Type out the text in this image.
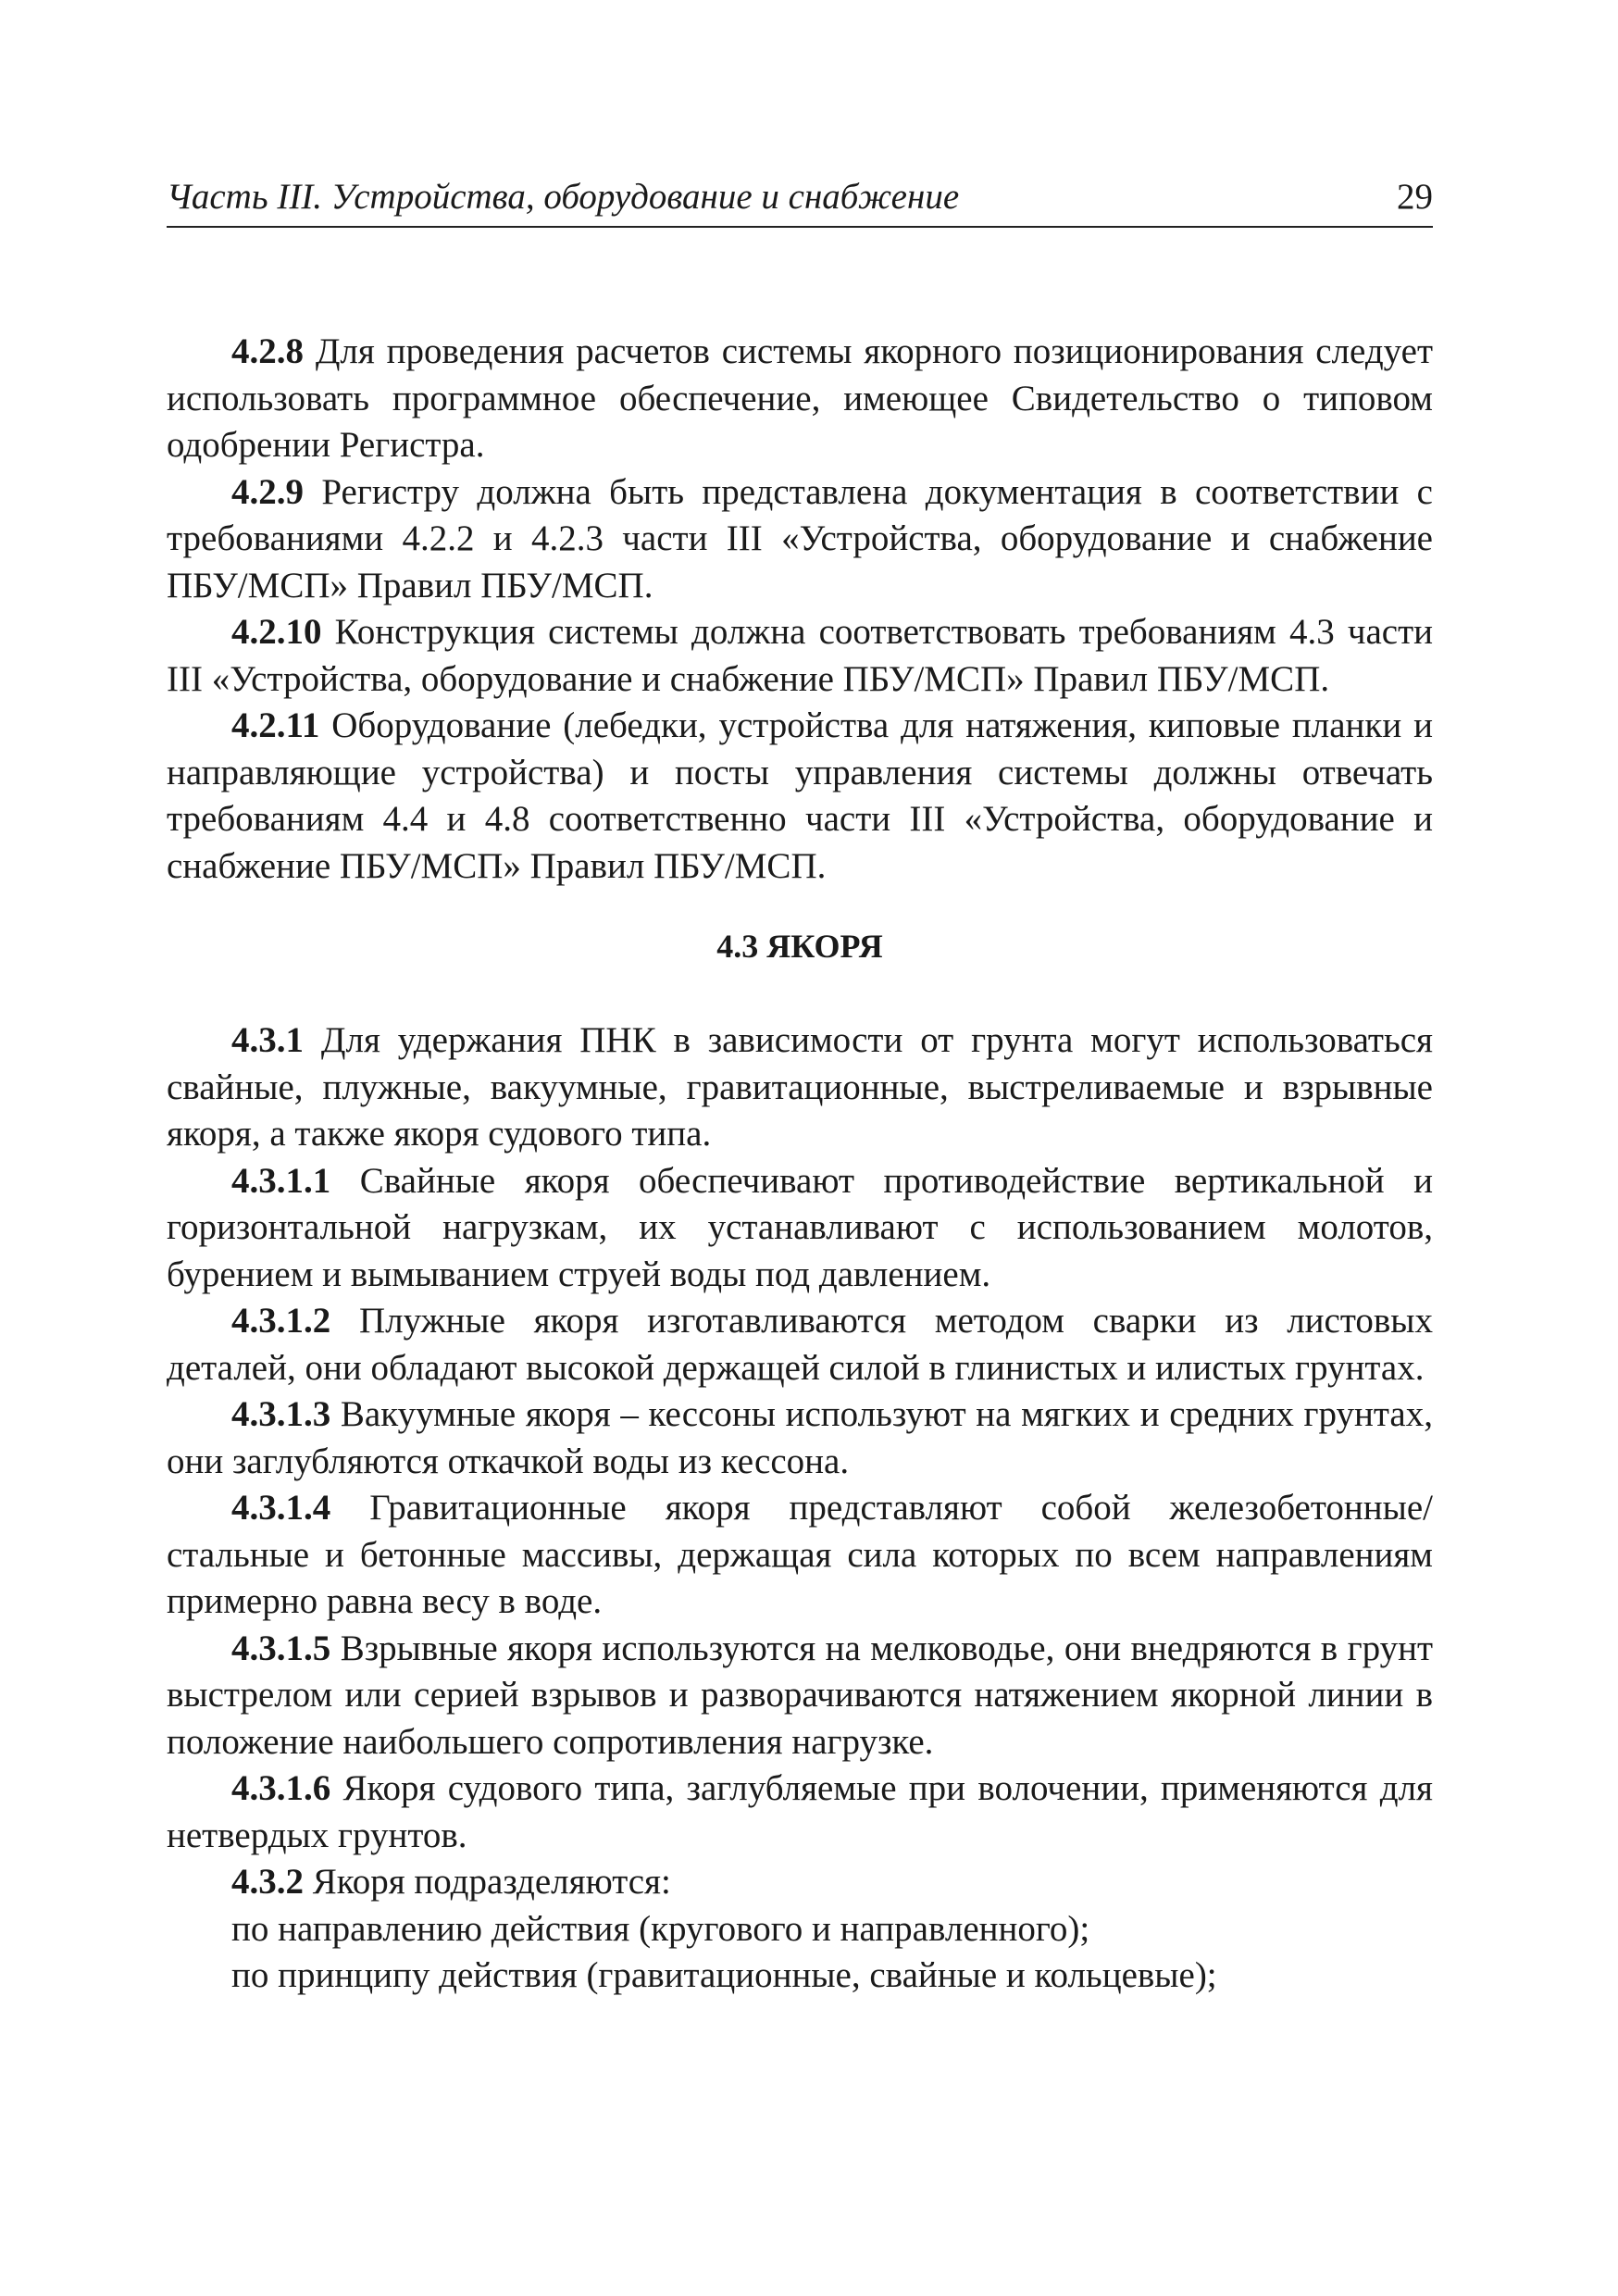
Часть III. Устройства, оборудование и снабжение	29

4.2.8 Для проведения расчетов системы якорного позиционирования следует использовать программное обеспечение, имеющее Свидетельство о типовом одобрении Регистра.

4.2.9 Регистру должна быть представлена документация в соответствии с требованиями 4.2.2 и 4.2.3 части III «Устройства, оборудование и снабжение ПБУ/МСП» Правил ПБУ/МСП.

4.2.10 Конструкция системы должна соответствовать требованиям 4.3 части III «Устройства, оборудование и снабжение ПБУ/МСП» Правил ПБУ/МСП.

4.2.11 Оборудование (лебедки, устройства для натяжения, киповые планки и направляющие устройства) и посты управления системы должны отвечать требованиям 4.4 и 4.8 соответственно части III «Устройства, оборудование и снабжение ПБУ/МСП» Правил ПБУ/МСП.

4.3 ЯКОРЯ

4.3.1 Для удержания ПНК в зависимости от грунта могут использоваться свайные, плужные, вакуумные, гравитационные, выстреливаемые и взрывные якоря, а также якоря судового типа.

4.3.1.1 Свайные якоря обеспечивают противодействие вертикальной и горизонтальной нагрузкам, их устанавливают с использованием молотов, бурением и вымыванием струей воды под давлением.

4.3.1.2 Плужные якоря изготавливаются методом сварки из листовых деталей, они обладают высокой держащей силой в глинистых и илистых грунтах.

4.3.1.3 Вакуумные якоря – кессоны используют на мягких и средних грунтах, они заглубляются откачкой воды из кессона.

4.3.1.4 Гравитационные якоря представляют собой железобетонные/ стальные и бетонные массивы, держащая сила которых по всем направлениям примерно равна весу в воде.

4.3.1.5 Взрывные якоря используются на мелководье, они внедряются в грунт выстрелом или серией взрывов и разворачиваются натяжением якорной линии в положение наибольшего сопротивления нагрузке.

4.3.1.6 Якоря судового типа, заглубляемые при волочении, применяются для нетвердых грунтов.

4.3.2 Якоря подразделяются:

по направлению действия (кругового и направленного);

по принципу действия (гравитационные, свайные и кольцевые);
